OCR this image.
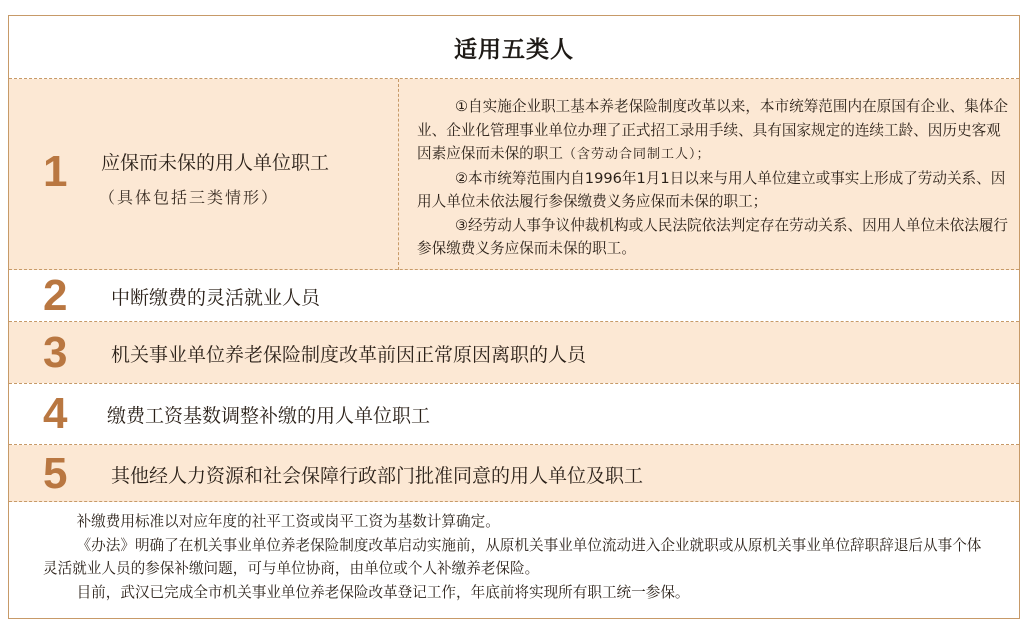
适用五类人
1 应保而未保的用人单位职工
（具体包括三类情形）

①自实施企业职工基本养老保险制度改革以来，本市统筹范围内在原国有企业、集体企业、企业化管理事业单位办理了正式招工录用手续、具有国家规定的连续工龄、因历史客观因素应保而未保的职工（含劳动合同制工人）；

②本市统筹范围内自1996年1月1日以来与用人单位建立或事实上形成了劳动关系、因用人单位未依法履行参保缴费义务应保而未保的职工；

③经劳动人事争议仲裁机构或人民法院依法判定存在劳动关系、因用人单位未依法履行参保缴费义务应保而未保的职工。

2 中断缴费的灵活就业人员
3 机关事业单位养老保险制度改革前因正常原因离职的人员
4 缴费工资基数调整补缴的用人单位职工
5 其他经人力资源和社会保障行政部门批准同意的用人单位及职工

补缴费用标准以对应年度的社平工资或岗平工资为基数计算确定。

《办法》明确了在机关事业单位养老保险制度改革启动实施前，从原机关事业单位流动进入企业就职或从原机关事业单位辞职辞退后从事个体灵活就业人员的参保补缴问题，可与单位协商，由单位或个人补缴养老保险。

目前，武汉已完成全市机关事业单位养老保险改革登记工作，年底前将实现所有职工统一参保。
